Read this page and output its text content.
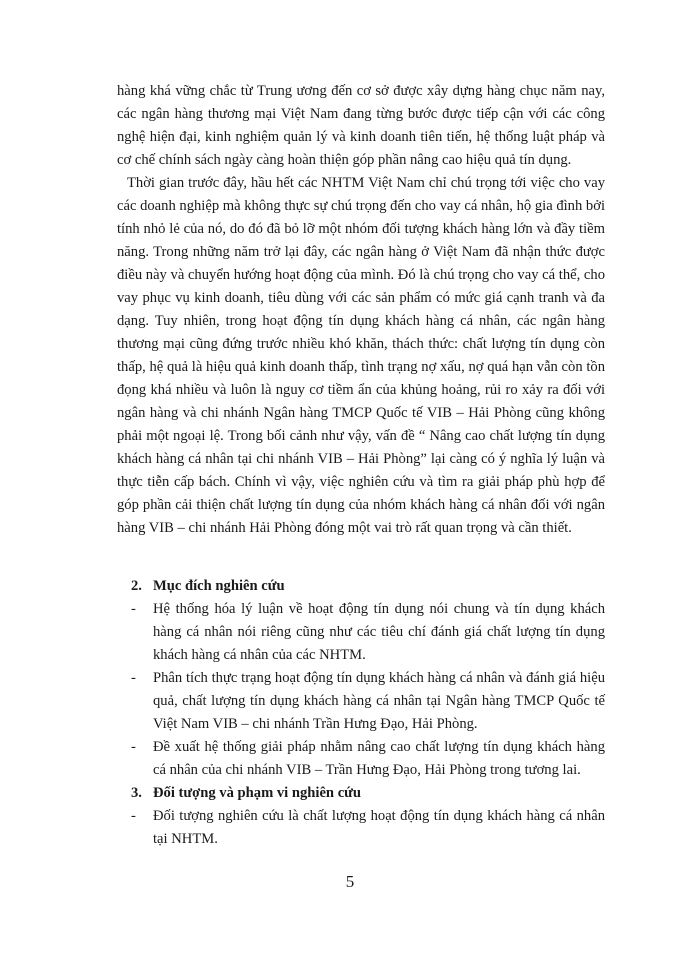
hàng khá vững chắc từ Trung ương đến cơ sở được xây dựng hàng chục năm nay, các ngân hàng thương mại Việt Nam đang từng bước được tiếp cận với các công nghệ hiện đại, kinh nghiệm quản lý và kinh doanh tiên tiến, hệ thống luật pháp và cơ chế chính sách ngày càng hoàn thiện góp phần nâng cao hiệu quả tín dụng.

Thời gian trước đây, hầu hết các NHTM Việt Nam chỉ chú trọng tới việc cho vay các doanh nghiệp mà không thực sự chú trọng đến cho vay cá nhân, hộ gia đình bởi tính nhỏ lẻ của nó, do đó đã bỏ lỡ một nhóm đối tượng khách hàng lớn và đầy tiềm năng. Trong những năm trở lại đây, các ngân hàng ở Việt Nam đã nhận thức được điều này và chuyển hướng hoạt động của mình. Đó là chú trọng cho vay cá thể, cho vay phục vụ kinh doanh, tiêu dùng với các sản phẩm có mức giá cạnh tranh và đa dạng. Tuy nhiên, trong hoạt động tín dụng khách hàng cá nhân, các ngân hàng thương mại cũng đứng trước nhiều khó khăn, thách thức: chất lượng tín dụng còn thấp, hệ quả là hiệu quả kinh doanh thấp, tình trạng nợ xấu, nợ quá hạn vẫn còn tồn đọng khá nhiều và luôn là nguy cơ tiềm ẩn của khủng hoảng, rủi ro xảy ra đối với ngân hàng và chi nhánh Ngân hàng TMCP Quốc tế VIB – Hải Phòng cũng không phải một ngoại lệ. Trong bối cảnh như vậy, vấn đề “ Nâng cao chất lượng tín dụng khách hàng cá nhân tại chi nhánh VIB – Hải Phòng” lại càng có ý nghĩa lý luận và thực tiễn cấp bách. Chính vì vậy, việc nghiên cứu và tìm ra giải pháp phù hợp để góp phần cải thiện chất lượng tín dụng của nhóm khách hàng cá nhân đối với ngân hàng VIB – chi nhánh Hải Phòng đóng một vai trò rất quan trọng và cần thiết.

2. Mục đích nghiên cứu
-	Hệ thống hóa lý luận về hoạt động tín dụng nói chung và tín dụng khách hàng cá nhân nói riêng cũng như các tiêu chí đánh giá chất lượng tín dụng khách hàng cá nhân của các NHTM.
-	Phân tích thực trạng hoạt động tín dụng khách hàng cá nhân và đánh giá hiệu quả, chất lượng tín dụng khách hàng cá nhân tại Ngân hàng TMCP Quốc tế Việt Nam VIB – chi nhánh Trần Hưng Đạo, Hải Phòng.
-	Đề xuất hệ thống giải pháp nhằm nâng cao chất lượng tín dụng khách hàng cá nhân của chi nhánh VIB – Trần Hưng Đạo, Hải Phòng trong tương lai.
3. Đối tượng và phạm vi nghiên cứu
-	Đối tượng nghiên cứu là chất lượng hoạt động tín dụng khách hàng cá nhân tại NHTM.
5
